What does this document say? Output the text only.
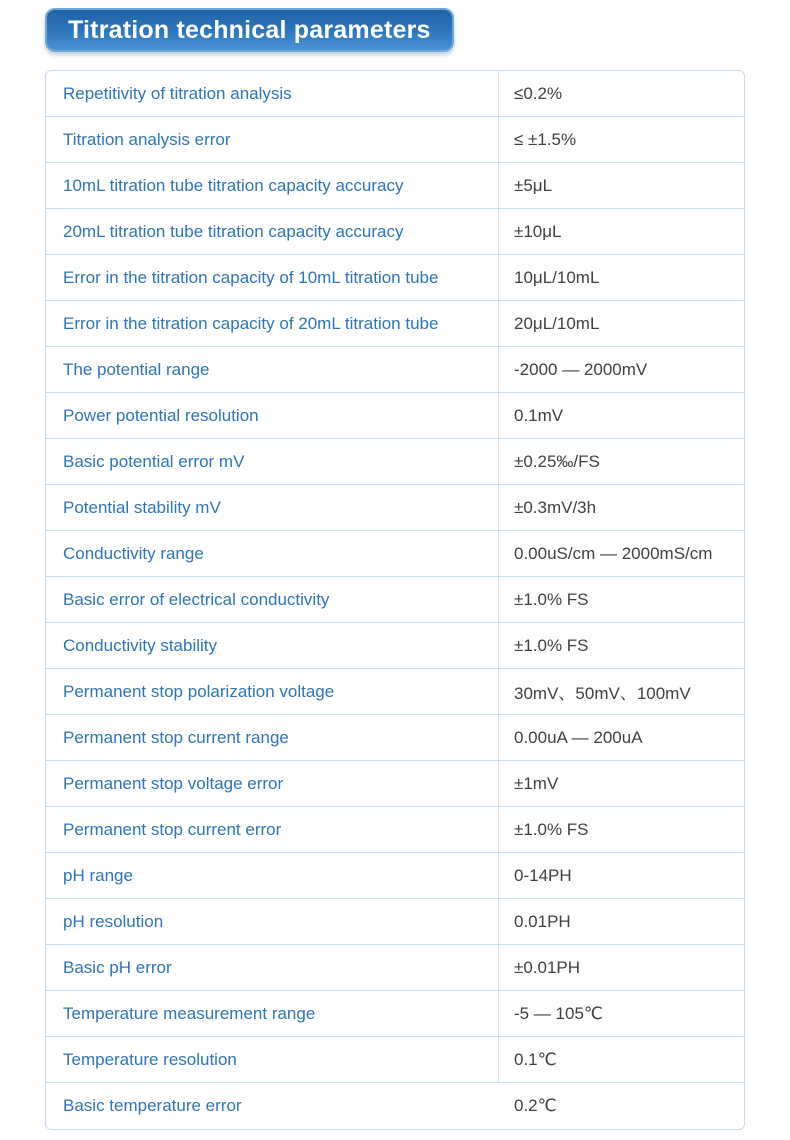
Titration technical parameters
Repetitivity of titration analysis	≤0.2%
Titration analysis error	≤ ±1.5%
10mL titration tube titration capacity accuracy	±5μL
20mL titration tube titration capacity accuracy	±10μL
Error in the titration capacity of 10mL titration tube	10μL/10mL
Error in the titration capacity of 20mL titration tube	20μL/10mL
The potential range	-2000 — 2000mV
Power potential resolution	0.1mV
Basic potential error mV	±0.25‰/FS
Potential stability mV	±0.3mV/3h
Conductivity range	0.00uS/cm — 2000mS/cm
Basic error of electrical conductivity	±1.0% FS
Conductivity stability	±1.0% FS
Permanent stop polarization voltage	30mV、50mV、100mV
Permanent stop current range	0.00uA — 200uA
Permanent stop voltage error	±1mV
Permanent stop current error	±1.0% FS
pH range	0-14PH
pH resolution	0.01PH
Basic pH error	±0.01PH
Temperature measurement range	-5 — 105℃
Temperature resolution	0.1℃
Basic temperature error	0.2℃
